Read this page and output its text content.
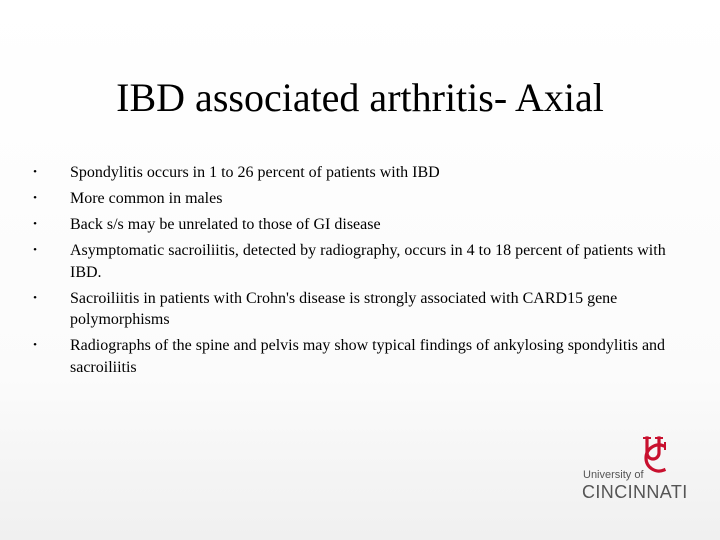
IBD associated arthritis- Axial
• Spondylitis occurs in 1 to 26 percent of patients with IBD
• More common in males
• Back s/s may be unrelated to those of GI disease
• Asymptomatic sacroiliitis, detected by radiography, occurs in 4 to 18 percent of patients with IBD.
• Sacroiliitis in patients with Crohn's disease is strongly associated with CARD15 gene polymorphisms
• Radiographs of the spine and pelvis may show typical findings of ankylosing spondylitis and sacroiliitis
University of
CINCINNATI
